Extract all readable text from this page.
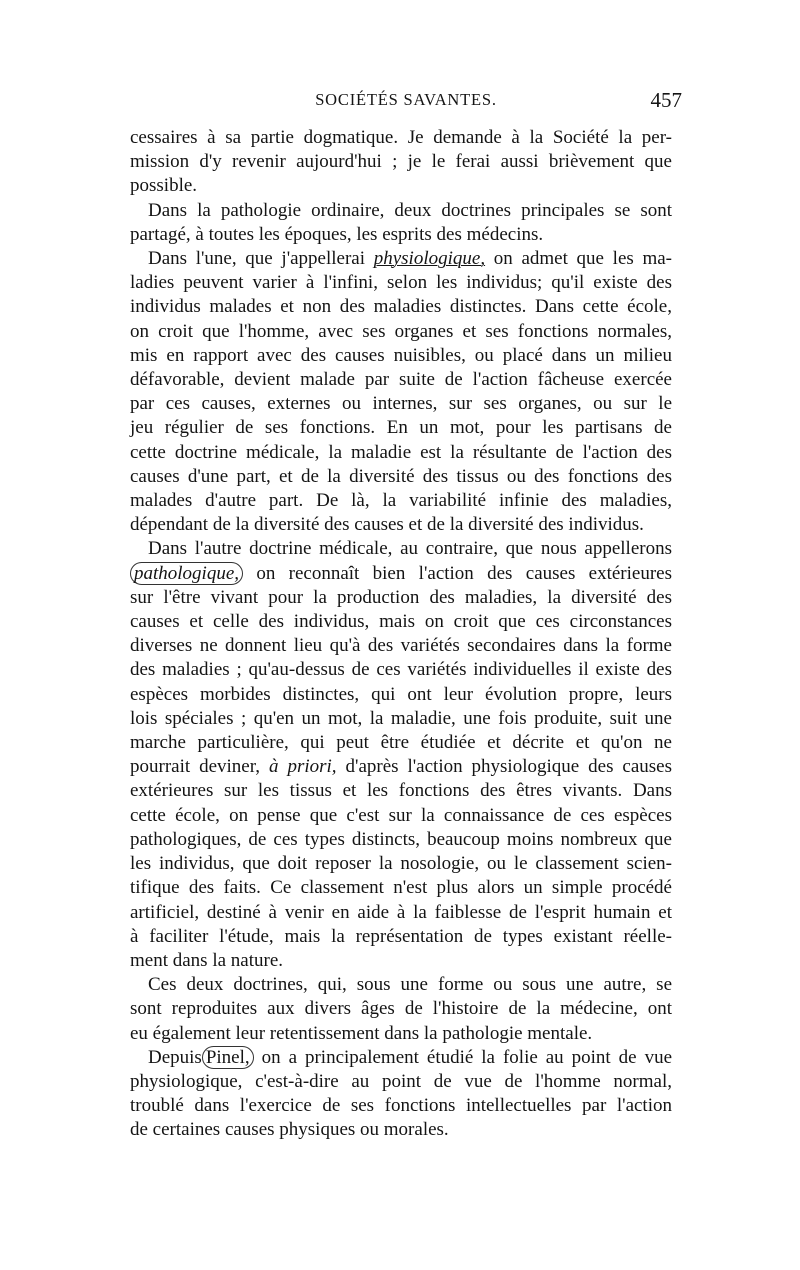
SOCIÉTÉS SAVANTES.	457
cessaires à sa partie dogmatique. Je demande à la Société la per-
mission d'y revenir aujourd'hui ; je le ferai aussi brièvement que
possible.
Dans la pathologie ordinaire, deux doctrines principales se sont
partagé, à toutes les époques, les esprits des médecins.
Dans l'une, que j'appellerai physiologique, on admet que les ma-
ladies peuvent varier à l'infini, selon les individus; qu'il existe des
individus malades et non des maladies distinctes. Dans cette école,
on croit que l'homme, avec ses organes et ses fonctions normales,
mis en rapport avec des causes nuisibles, ou placé dans un milieu
défavorable, devient malade par suite de l'action fâcheuse exercée
par ces causes, externes ou internes, sur ses organes, ou sur le
jeu régulier de ses fonctions. En un mot, pour les partisans de
cette doctrine médicale, la maladie est la résultante de l'action des
causes d'une part, et de la diversité des tissus ou des fonctions des
malades d'autre part. De là, la variabilité infinie des maladies,
dépendant de la diversité des causes et de la diversité des individus.
Dans l'autre doctrine médicale, au contraire, que nous appellerons
pathologique, on reconnaît bien l'action des causes extérieures
sur l'être vivant pour la production des maladies, la diversité des
causes et celle des individus, mais on croit que ces circonstances
diverses ne donnent lieu qu'à des variétés secondaires dans la forme
des maladies ; qu'au-dessus de ces variétés individuelles il existe des
espèces morbides distinctes, qui ont leur évolution propre, leurs
lois spéciales ; qu'en un mot, la maladie, une fois produite, suit une
marche particulière, qui peut être étudiée et décrite et qu'on ne
pourrait deviner, à priori, d'après l'action physiologique des causes
extérieures sur les tissus et les fonctions des êtres vivants. Dans
cette école, on pense que c'est sur la connaissance de ces espèces
pathologiques, de ces types distincts, beaucoup moins nombreux que
les individus, que doit reposer la nosologie, ou le classement scien-
tifique des faits. Ce classement n'est plus alors un simple procédé
artificiel, destiné à venir en aide à la faiblesse de l'esprit humain et
à faciliter l'étude, mais la représentation de types existant réelle-
ment dans la nature.
Ces deux doctrines, qui, sous une forme ou sous une autre, se
sont reproduites aux divers âges de l'histoire de la médecine, ont
eu également leur retentissement dans la pathologie mentale.
Depuis Pinel, on a principalement étudié la folie au point de vue
physiologique, c'est-à-dire au point de vue de l'homme normal,
troublé dans l'exercice de ses fonctions intellectuelles par l'action
de certaines causes physiques ou morales.
